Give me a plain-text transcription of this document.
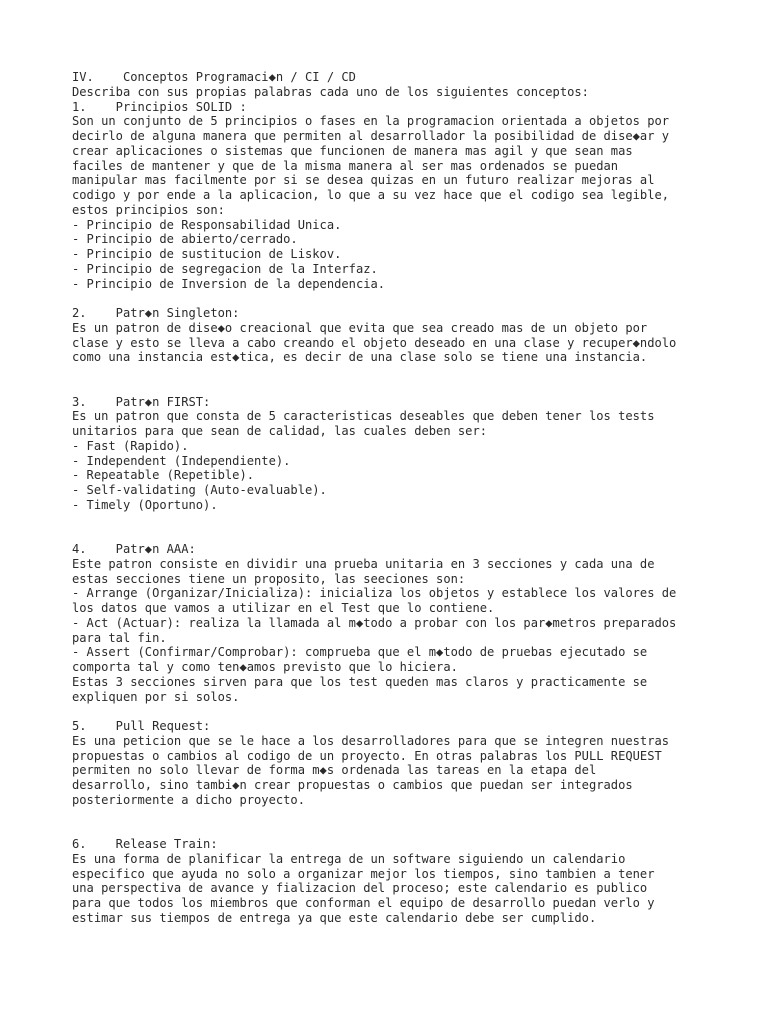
IV.    Conceptos Programaci◆n / CI / CD
Describa con sus propias palabras cada uno de los siguientes conceptos:
1.    Principios SOLID :
Son un conjunto de 5 principios o fases en la programacion orientada a objetos por
decirlo de alguna manera que permiten al desarrollador la posibilidad de dise◆ar y
crear aplicaciones o sistemas que funcionen de manera mas agil y que sean mas
faciles de mantener y que de la misma manera al ser mas ordenados se puedan
manipular mas facilmente por si se desea quizas en un futuro realizar mejoras al
codigo y por ende a la aplicacion, lo que a su vez hace que el codigo sea legible,
estos principios son:
- Principio de Responsabilidad Unica.
- Principio de abierto/cerrado.
- Principio de sustitucion de Liskov.
- Principio de segregacion de la Interfaz.
- Principio de Inversion de la dependencia.
2.    Patr◆n Singleton:
Es un patron de dise◆o creacional que evita que sea creado mas de un objeto por
clase y esto se lleva a cabo creando el objeto deseado en una clase y recuper◆ndolo
como una instancia est◆tica, es decir de una clase solo se tiene una instancia.
3.    Patr◆n FIRST:
Es un patron que consta de 5 caracteristicas deseables que deben tener los tests
unitarios para que sean de calidad, las cuales deben ser:
- Fast (Rapido).
- Independent (Independiente).
- Repeatable (Repetible).
- Self-validating (Auto-evaluable).
- Timely (Oportuno).
4.    Patr◆n AAA:
Este patron consiste en dividir una prueba unitaria en 3 secciones y cada una de
estas secciones tiene un proposito, las seeciones son:
- Arrange (Organizar/Inicializa): inicializa los objetos y establece los valores de
los datos que vamos a utilizar en el Test que lo contiene.
- Act (Actuar): realiza la llamada al m◆todo a probar con los par◆metros preparados
para tal fin.
- Assert (Confirmar/Comprobar): comprueba que el m◆todo de pruebas ejecutado se
comporta tal y como ten◆amos previsto que lo hiciera.
Estas 3 secciones sirven para que los test queden mas claros y practicamente se
expliquen por si solos.
5.    Pull Request:
Es una peticion que se le hace a los desarrolladores para que se integren nuestras
propuestas o cambios al codigo de un proyecto. En otras palabras los PULL REQUEST
permiten no solo llevar de forma m◆s ordenada las tareas en la etapa del
desarrollo, sino tambi◆n crear propuestas o cambios que puedan ser integrados
posteriormente a dicho proyecto.
6.    Release Train:
Es una forma de planificar la entrega de un software siguiendo un calendario
especifico que ayuda no solo a organizar mejor los tiempos, sino tambien a tener
una perspectiva de avance y fializacion del proceso; este calendario es publico
para que todos los miembros que conforman el equipo de desarrollo puedan verlo y
estimar sus tiempos de entrega ya que este calendario debe ser cumplido.
